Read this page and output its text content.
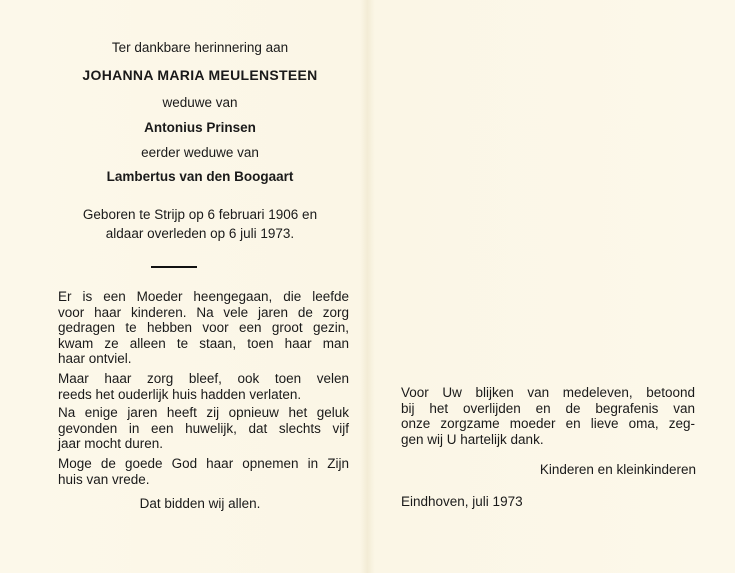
Ter dankbare herinnering aan
JOHANNA MARIA MEULENSTEEN
weduwe van
Antonius Prinsen
eerder weduwe van
Lambertus van den Boogaart
Geboren te Strijp op 6 februari 1906 en
aldaar overleden op 6 juli 1973.
Er is een Moeder heengegaan, die leefde
voor haar kinderen. Na vele jaren de zorg
gedragen te hebben voor een groot gezin,
kwam ze alleen te staan, toen haar man
haar ontviel.
Maar haar zorg bleef, ook toen velen
reeds het ouderlijk huis hadden verlaten.
Na enige jaren heeft zij opnieuw het geluk
gevonden in een huwelijk, dat slechts vijf
jaar mocht duren.
Moge de goede God haar opnemen in Zijn
huis van vrede.
Dat bidden wij allen.
Voor Uw blijken van medeleven, betoond
bij het overlijden en de begrafenis van
onze zorgzame moeder en lieve oma, zeg-
gen wij U hartelijk dank.
Kinderen en kleinkinderen
Eindhoven, juli 1973
